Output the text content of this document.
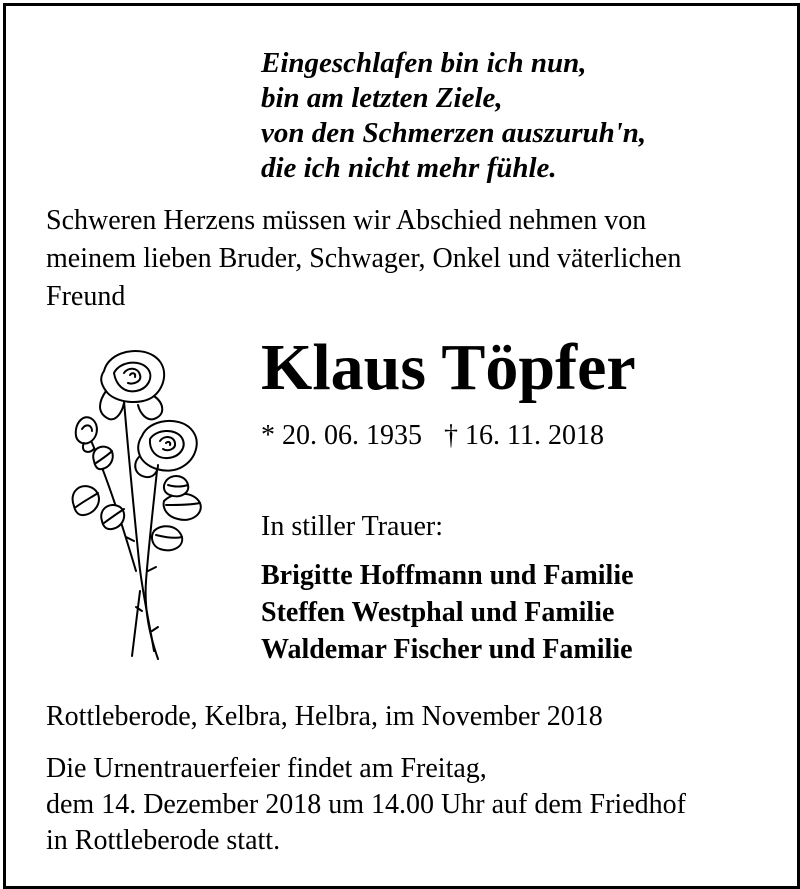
Eingeschlafen bin ich nun,
bin am letzten Ziele,
von den Schmerzen auszuruh'n,
die ich nicht mehr fühle.
Schweren Herzens müssen wir Abschied nehmen von
meinem lieben Bruder, Schwager, Onkel und väterlichen
Freund
Klaus Töpfer
* 20. 06. 1935 † 16. 11. 2018
In stiller Trauer:
Brigitte Hoffmann und Familie
Steffen Westphal und Familie
Waldemar Fischer und Familie
Rottleberode, Kelbra, Helbra, im November 2018
Die Urnentrauerfeier findet am Freitag,
dem 14. Dezember 2018 um 14.00 Uhr auf dem Friedhof
in Rottleberode statt.
